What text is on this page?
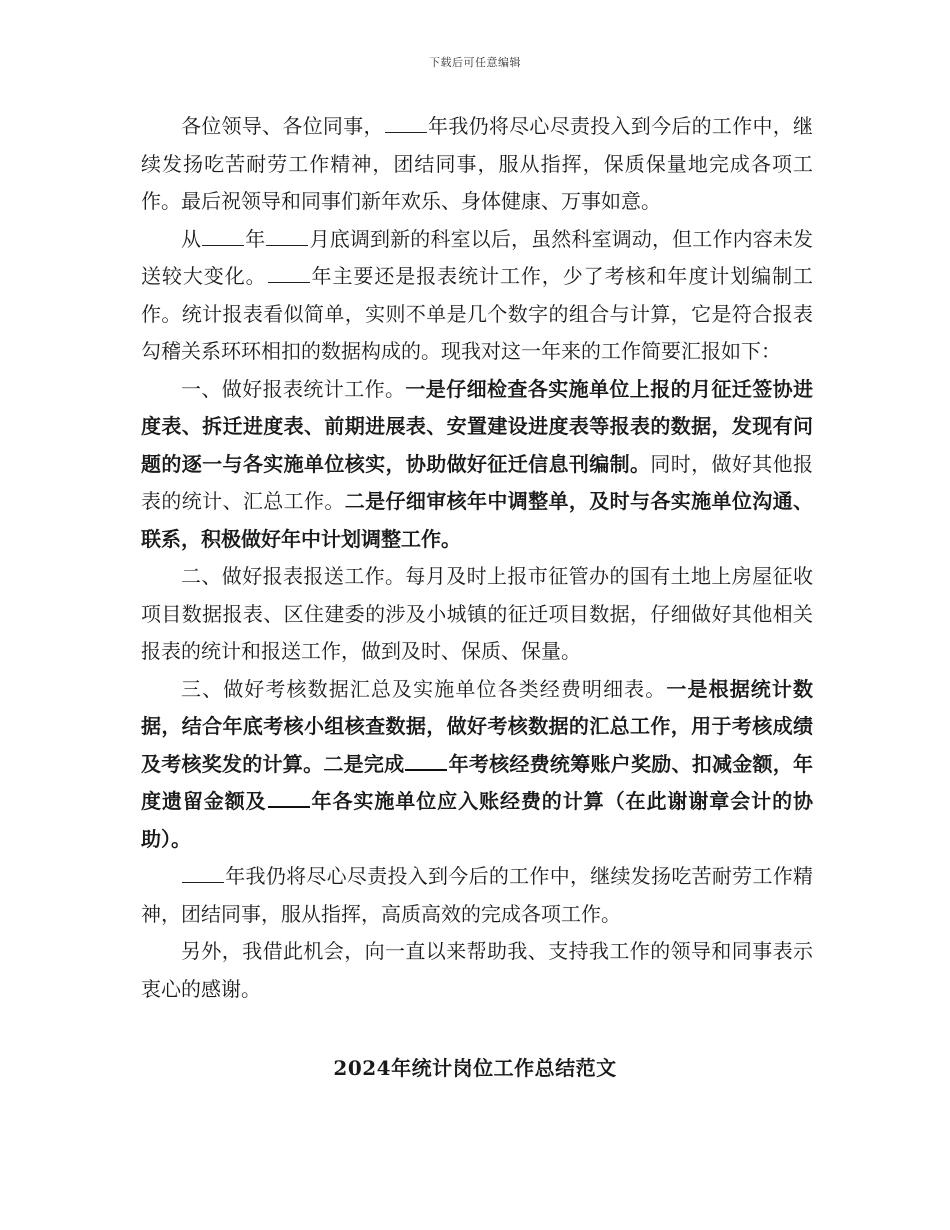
下载后可任意编辑

各位领导、各位同事， 年我仍将尽心尽责投入到今后的工作中，继续发扬吃苦耐劳工作精神，团结同事，服从指挥，保质保量地完成各项工作。最后祝领导和同事们新年欢乐、身体健康、万事如意。

从 年 月底调到新的科室以后，虽然科室调动，但工作内容未发送较大变化。 年主要还是报表统计工作，少了考核和年度计划编制工作。统计报表看似简单，实则不单是几个数字的组合与计算，它是符合报表勾稽关系环环相扣的数据构成的。现我对这一年来的工作简要汇报如下：

一、做好报表统计工作。一是仔细检查各实施单位上报的月征迁签协进度表、拆迁进度表、前期进展表、安置建设进度表等报表的数据，发现有问题的逐一与各实施单位核实，协助做好征迁信息刊编制。同时，做好其他报表的统计、汇总工作。二是仔细审核年中调整单，及时与各实施单位沟通、联系，积极做好年中计划调整工作。

二、做好报表报送工作。每月及时上报市征管办的国有土地上房屋征收项目数据报表、区住建委的涉及小城镇的征迁项目数据，仔细做好其他相关报表的统计和报送工作，做到及时、保质、保量。

三、做好考核数据汇总及实施单位各类经费明细表。一是根据统计数据，结合年底考核小组核查数据，做好考核数据的汇总工作，用于考核成绩及考核奖发的计算。二是完成 年考核经费统筹账户奖励、扣减金额，年度遗留金额及 年各实施单位应入账经费的计算（在此谢谢章会计的协助）。

年我仍将尽心尽责投入到今后的工作中，继续发扬吃苦耐劳工作精神，团结同事，服从指挥，高质高效的完成各项工作。

另外，我借此机会，向一直以来帮助我、支持我工作的领导和同事表示衷心的感谢。

2024年统计岗位工作总结范文
